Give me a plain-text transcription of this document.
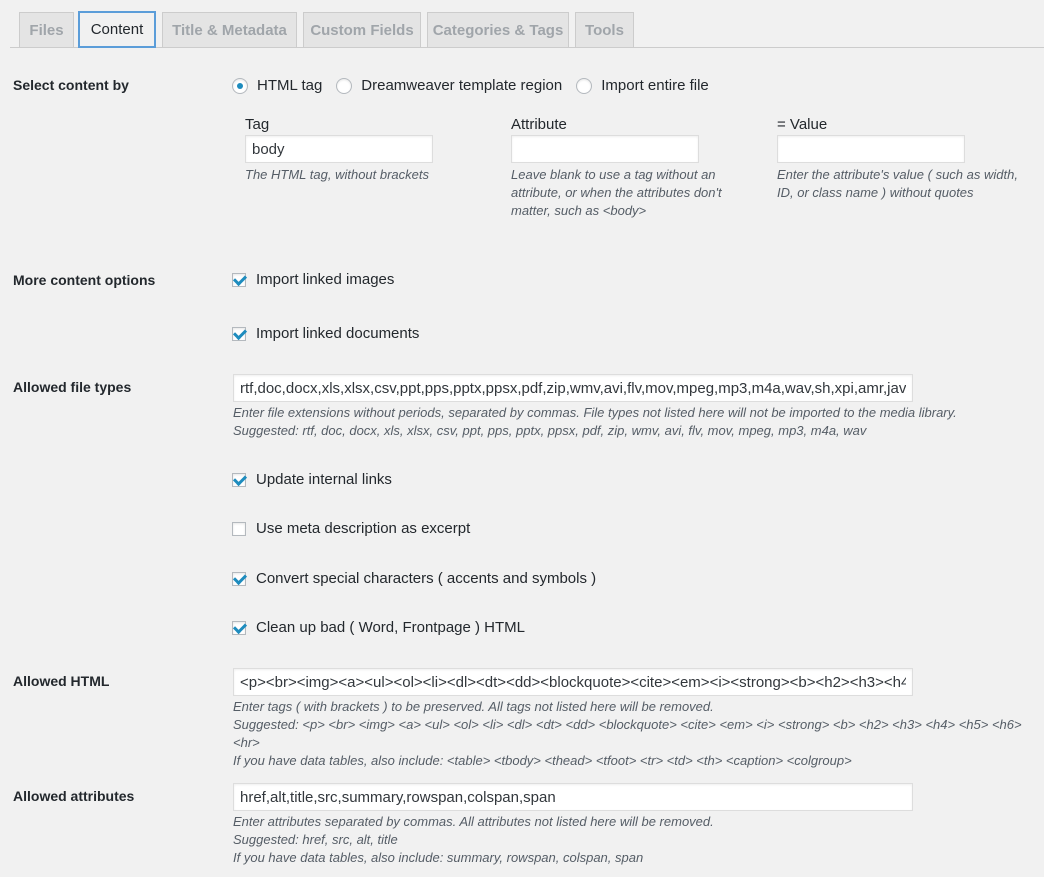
Files	Content	Title & Metadata	Custom Fields	Categories & Tags	Tools
Select content by	HTML tag	Dreamweaver template region	Import entire file
Tag
body
The HTML tag, without brackets
Attribute
Leave blank to use a tag without an attribute, or when the attributes don't matter, such as <body>
= Value
Enter the attribute's value ( such as width, ID, or class name ) without quotes
More content options	Import linked images
Import linked documents
Allowed file types
rtf,doc,docx,xls,xlsx,csv,ppt,pps,pptx,ppsx,pdf,zip,wmv,avi,flv,mov,mpeg,mp3,m4a,wav,sh,xpi,amr,java
Enter file extensions without periods, separated by commas. File types not listed here will not be imported to the media library.
Suggested: rtf, doc, docx, xls, xlsx, csv, ppt, pps, pptx, ppsx, pdf, zip, wmv, avi, flv, mov, mpeg, mp3, m4a, wav
Update internal links
Use meta description as excerpt
Convert special characters ( accents and symbols )
Clean up bad ( Word, Frontpage ) HTML
Allowed HTML
<p><br><img><a><ul><ol><li><dl><dt><dd><blockquote><cite><em><i><strong><b><h2><h3><h4><h5><h6><hr>
Enter tags ( with brackets ) to be preserved. All tags not listed here will be removed.
Suggested: <p> <br> <img> <a> <ul> <ol> <li> <dl> <dt> <dd> <blockquote> <cite> <em> <i> <strong> <b> <h2> <h3> <h4> <h5> <h6> <hr>
If you have data tables, also include: <table> <tbody> <thead> <tfoot> <tr> <td> <th> <caption> <colgroup>
Allowed attributes
href,alt,title,src,summary,rowspan,colspan,span
Enter attributes separated by commas. All attributes not listed here will be removed.
Suggested: href, src, alt, title
If you have data tables, also include: summary, rowspan, colspan, span
